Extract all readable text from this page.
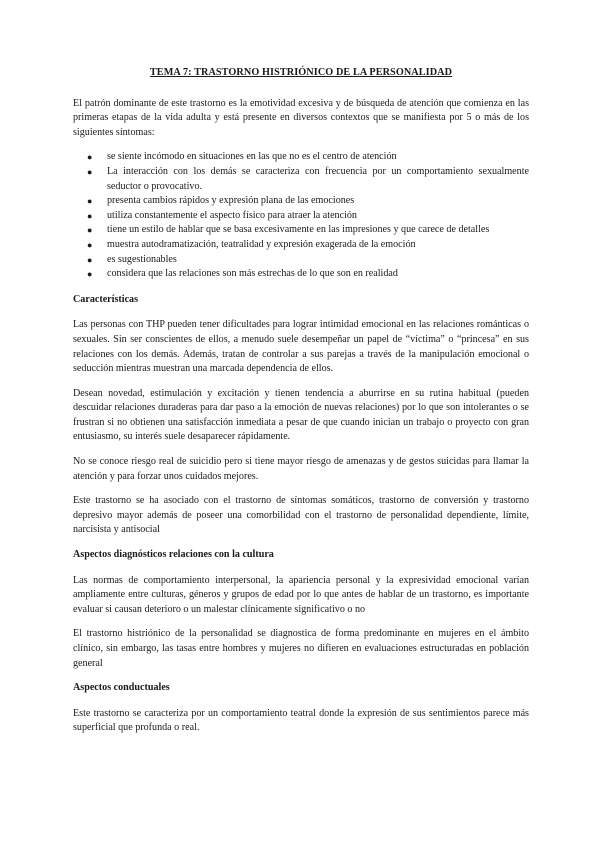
TEMA 7: TRASTORNO HISTRIÓNICO DE LA PERSONALIDAD

El patrón dominante de este trastorno es la emotividad excesiva y de búsqueda de atención que comienza en las primeras etapas de la vida adulta y está presente en diversos contextos que se manifiesta por 5 o más de los siguientes síntomas:

● se siente incómodo en situaciones en las que no es el centro de atención
● La interacción con los demás se caracteriza con frecuencia por un comportamiento sexualmente seductor o provocativo.
● presenta cambios rápidos y expresión plana de las emociones
● utiliza constantemente el aspecto físico para atraer la atención
● tiene un estilo de hablar que se basa excesivamente en las impresiones y que carece de detalles
● muestra autodramatización, teatralidad y expresión exagerada de la emoción
● es sugestionables
● considera que las relaciones son más estrechas de lo que son en realidad
Características

Las personas con THP pueden tener dificultades para lograr intimidad emocional en las relaciones románticas o sexuales. Sin ser conscientes de ellos, a menudo suele desempeñar un papel de “víctima” o “princesa” en sus relaciones con los demás. Además, tratan de controlar a sus parejas a través de la manipulación emocional o seducción mientras muestran una marcada dependencia de ellos.

Desean novedad, estimulación y excitación y tienen tendencia a aburrirse en su rutina habitual (pueden descuidar relaciones duraderas para dar paso a la emoción de nuevas relaciones) por lo que son intolerantes o se frustran si no obtienen una satisfacción inmediata a pesar de que cuando inician un trabajo o proyecto con gran entusiasmo, su interés suele desaparecer rápidamente.

No se conoce riesgo real de suicidio pero si tiene mayor riesgo de amenazas y de gestos suicidas para llamar la atención y para forzar unos cuidados mejores.

Este trastorno se ha asociado con el trastorno de síntomas somáticos, trastorno de conversión y trastorno depresivo mayor además de poseer una comorbilidad con el trastorno de personalidad dependiente, límite, narcisista y antisocial

Aspectos diagnósticos relaciones con la cultura

Las normas de comportamiento interpersonal, la apariencia personal y la expresividad emocional varían ampliamente entre culturas, géneros y grupos de edad por lo que antes de hablar de un trastorno, es importante evaluar si causan deterioro o un malestar clínicamente significativo o no

El trastorno histriónico de la personalidad se diagnostica de forma predominante en mujeres en el ámbito clínico, sin embargo, las tasas entre hombres y mujeres no difieren en evaluaciones estructuradas en población general

Aspectos conductuales

Este trastorno se caracteriza por un comportamiento teatral donde la expresión de sus sentimientos parece más superficial que profunda o real.
